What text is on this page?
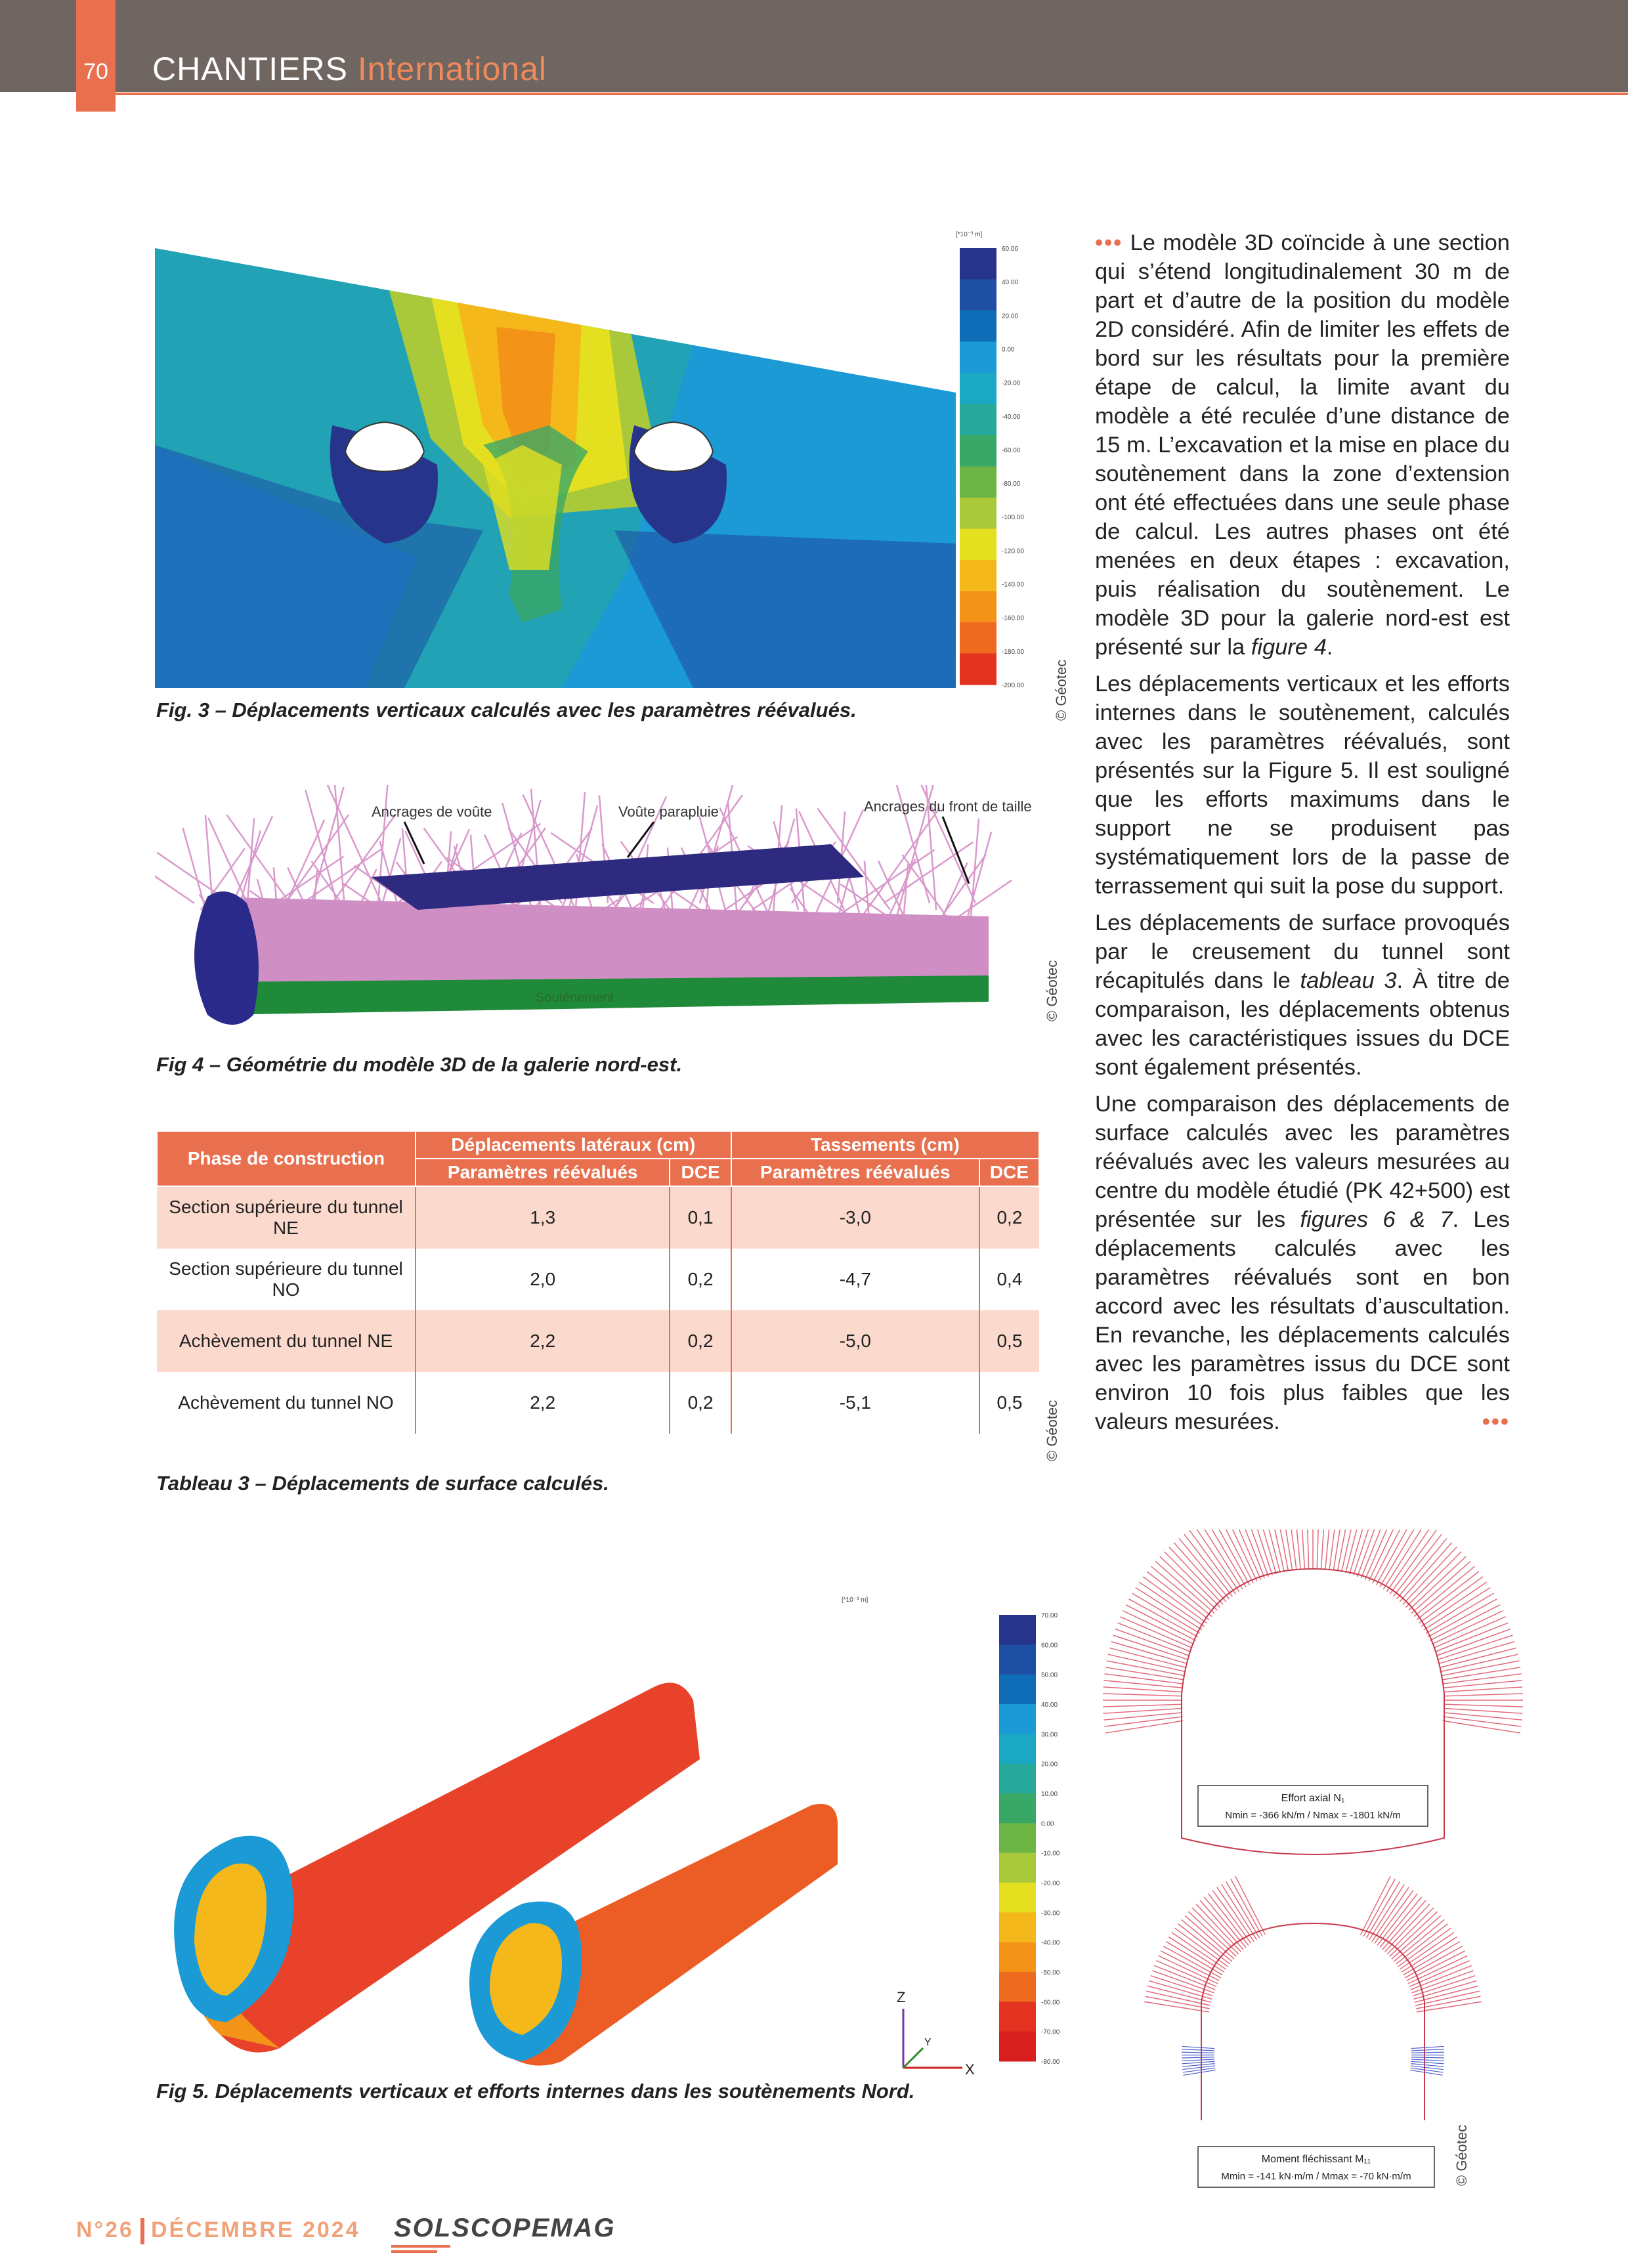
70 CHANTIERS International
[*10⁻³ m]
60.00
40.00
20.00
0.00
-20.00
-40.00
-60.00
-80.00
-100.00
-120.00
-140.00
-160.00
-180.00
-200.00
Fig. 3 – Déplacements verticaux calculés avec les paramètres réévalués.	© Géotec
Ancrages de voûte	Voûte parapluie	Ancrages du front de taille
Soutènement
Fig 4 – Géométrie du modèle 3D de la galerie nord-est.
© Géotec
Phase de construction	Déplacements latéraux (cm)		Tassements (cm)	
	Paramètres réévalués	DCE	Paramètres réévalués	DCE
Section supérieure du tunnel NE	1,3	0,1	-3,0	0,2
Section supérieure du tunnel NO	2,0	0,2	-4,7	0,4
Achèvement du tunnel NE	2,2	0,2	-5,0	0,5
Achèvement du tunnel NO	2,2	0,2	-5,1	0,5
Tableau 3 – Déplacements de surface calculés.
© Géotec
[*10⁻³ m]
70.00
60.00
50.00
40.00
30.00
20.00
10.00
0.00
-10.00
-20.00
-30.00
-40.00
-50.00
-60.00
-70.00
-80.00
Z
Y
X
Effort axial N₁
Nmin = -366 kN/m / Nmax = -1801 kN/m
Moment fléchissant M₁₁
Mmin = -141 kN·m/m / Mmax = -70 kN·m/m
Fig 5. Déplacements verticaux et efforts internes dans les soutènements Nord.
© Géotec

••• Le modèle 3D coïncide à une section qui s’étend longitudinalement 30 m de part et d’autre de la position du modèle 2D considéré. Afin de limiter les effets de bord sur les résultats pour la première étape de calcul, la limite avant du modèle a été reculée d’une distance de 15 m. L’excavation et la mise en place du soutènement dans la zone d’extension ont été effectuées dans une seule phase de calcul. Les autres phases ont été menées en deux étapes : excavation, puis réalisation du soutènement. Le modèle 3D pour la galerie nord-est est présenté sur la figure 4.

Les déplacements verticaux et les efforts internes dans le soutènement, calculés avec les paramètres réévalués, sont présentés sur la Figure 5. Il est souligné que les efforts maximums dans le support ne se produisent pas systématiquement lors de la passe de terrassement qui suit la pose du support.

Les déplacements de surface provoqués par le creusement du tunnel sont récapitulés dans le tableau 3. À titre de comparaison, les déplacements obtenus avec les caractéristiques issues du DCE sont également présentés.

Une comparaison des déplacements de surface calculés avec les paramètres réévalués avec les valeurs mesurées au centre du modèle étudié (PK 42+500) est présentée sur les figures 6 & 7. Les déplacements calculés avec les paramètres réévalués sont en bon accord avec les résultats d’auscultation. En revanche, les déplacements calculés avec les paramètres issus du DCE sont environ 10 fois plus faibles que les valeurs mesurées.	•••

N°26 DÉCEMBRE 2024 SOLSCOPEMAG
